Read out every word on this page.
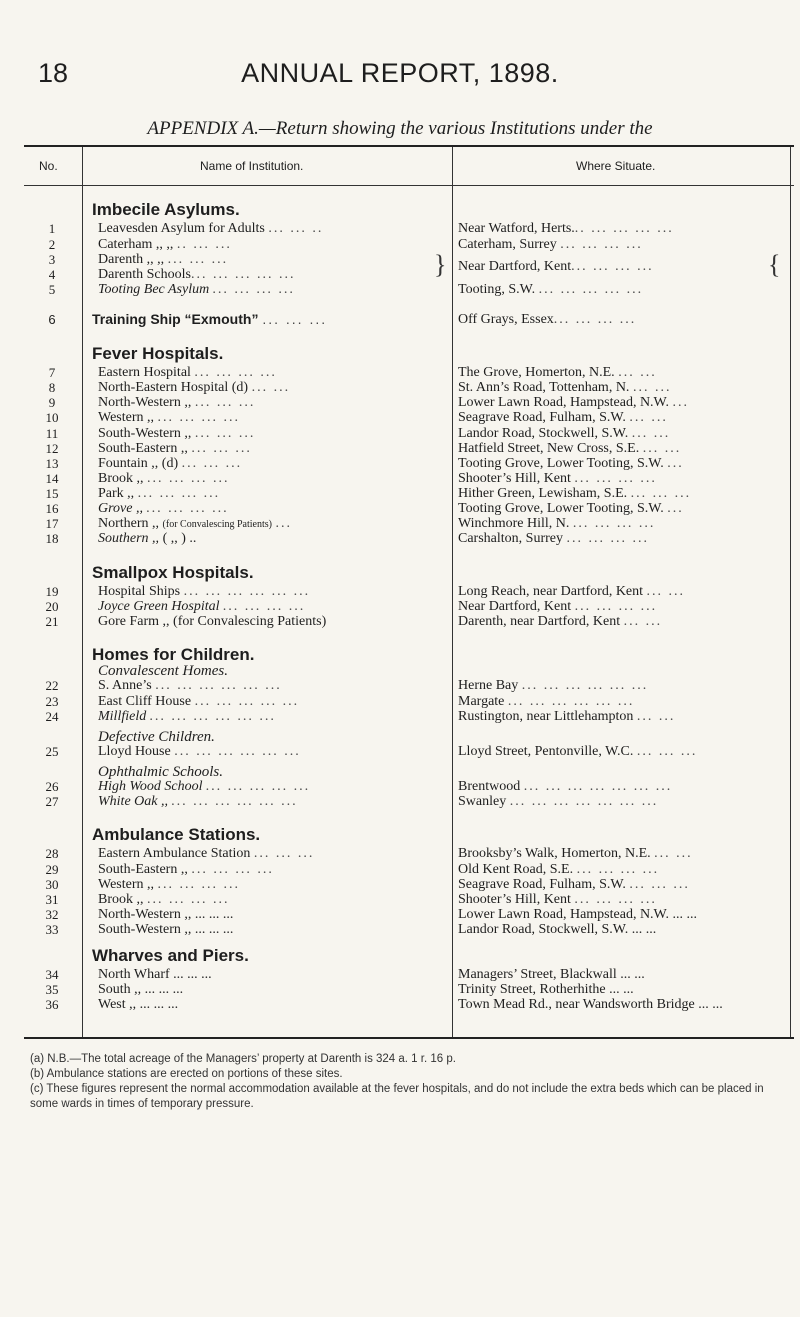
18	ANNUAL REPORT, 1898.
APPENDIX A.—Return showing the various Institutions under the
No.	Name of Institution.	Where Situate.
Imbecile Asylums.
1	Leavesden Asylum for Adults ... ... ..	Near Watford, Herts... ... ... ... ...
2	Caterham ,, ,, .. ... ...	Caterham, Surrey ... ... ... ...
3	Darenth ,, ,, ... ... ...	Near Dartford, Kent... ... ... ...
4	Darenth Schools... ... ... ... ...	}	{
5	Tooting Bec Asylum ... ... ... ...	Tooting, S.W. ... ... ... ... ...
6	Training Ship “Exmouth” ... ... ...	Off Grays, Essex... ... ... ...
Fever Hospitals.
7	Eastern Hospital ... ... ... ...	The Grove, Homerton, N.E. ... ...
8	North-Eastern Hospital (d) ... ...	St. Ann’s Road, Tottenham, N. ... ...
9	North-Western ,, ... ... ...	Lower Lawn Road, Hampstead, N.W. ...
10	Western ,, ... ... ... ...	Seagrave Road, Fulham, S.W. ... ...
11	South-Western ,, ... ... ...	Landor Road, Stockwell, S.W. ... ...
12	South-Eastern ,, ... ... ...	Hatfield Street, New Cross, S.E. ... ...
13	Fountain ,, (d) ... ... ...	Tooting Grove, Lower Tooting, S.W. ...
14	Brook ,, ... ... ... ...	Shooter’s Hill, Kent ... ... ... ...
15	Park ,, ... ... ... ...	Hither Green, Lewisham, S.E. ... ... ...
16	Grove ,, ... ... ... ...	Tooting Grove, Lower Tooting, S.W. ...
17	Northern ,, (for Convalescing Patients) ...	Winchmore Hill, N. ... ... ... ...
18	Southern ,, ( ,, ) ..	Carshalton, Surrey ... ... ... ...
Smallpox Hospitals.
19	Hospital Ships ... ... ... ... ... ...	Long Reach, near Dartford, Kent ... ...
20	Joyce Green Hospital ... ... ... ...	Near Dartford, Kent ... ... ... ...
21	Gore Farm ,, (for Convalescing Patients)	Darenth, near Dartford, Kent ... ...
Homes for Children.
Convalescent Homes.
22	S. Anne’s ... ... ... ... ... ...	Herne Bay ... ... ... ... ... ...
23	East Cliff House ... ... ... ... ...	Margate ... ... ... ... ... ...
24	Millfield ... ... ... ... ... ...	Rustington, near Littlehampton ... ...
Defective Children.
25	Lloyd House ... ... ... ... ... ...	Lloyd Street, Pentonville, W.C. ... ... ...
Ophthalmic Schools.
26	High Wood School ... ... ... ... ...	Brentwood ... ... ... ... ... ... ...
27	White Oak ,, ... ... ... ... ... ...	Swanley ... ... ... ... ... ... ...
Ambulance Stations.
28	Eastern Ambulance Station ... ... ...	Brooksby’s Walk, Homerton, N.E. ... ...
29	South-Eastern ,, ... ... ... ...	Old Kent Road, S.E. ... ... ... ...
30	Western ,, ... ... ... ...	Seagrave Road, Fulham, S.W. ... ... ...
31	Brook ,, ... ... ... ...	Shooter’s Hill, Kent ... ... ... ...
32	North-Western ,, ... ... ...	Lower Lawn Road, Hampstead, N.W. ... ...
33	South-Western ,, ... ... ...	Landor Road, Stockwell, S.W. ... ...
Wharves and Piers.
34	North Wharf ... ... ...	Managers’ Street, Blackwall ... ...
35	South ,, ... ... ...	Trinity Street, Rotherhithe ... ...
36	West ,, ... ... ...	Town Mead Rd., near Wandsworth Bridge ... ...

(a) N.B.—The total acreage of the Managers’ property at Darenth is 324 a. 1 r. 16 p.

(b) Ambulance stations are erected on portions of these sites.

(c) These figures represent the normal accommodation available at the fever hospitals, and do not include the extra beds which can be placed in some wards in times of temporary pressure.
